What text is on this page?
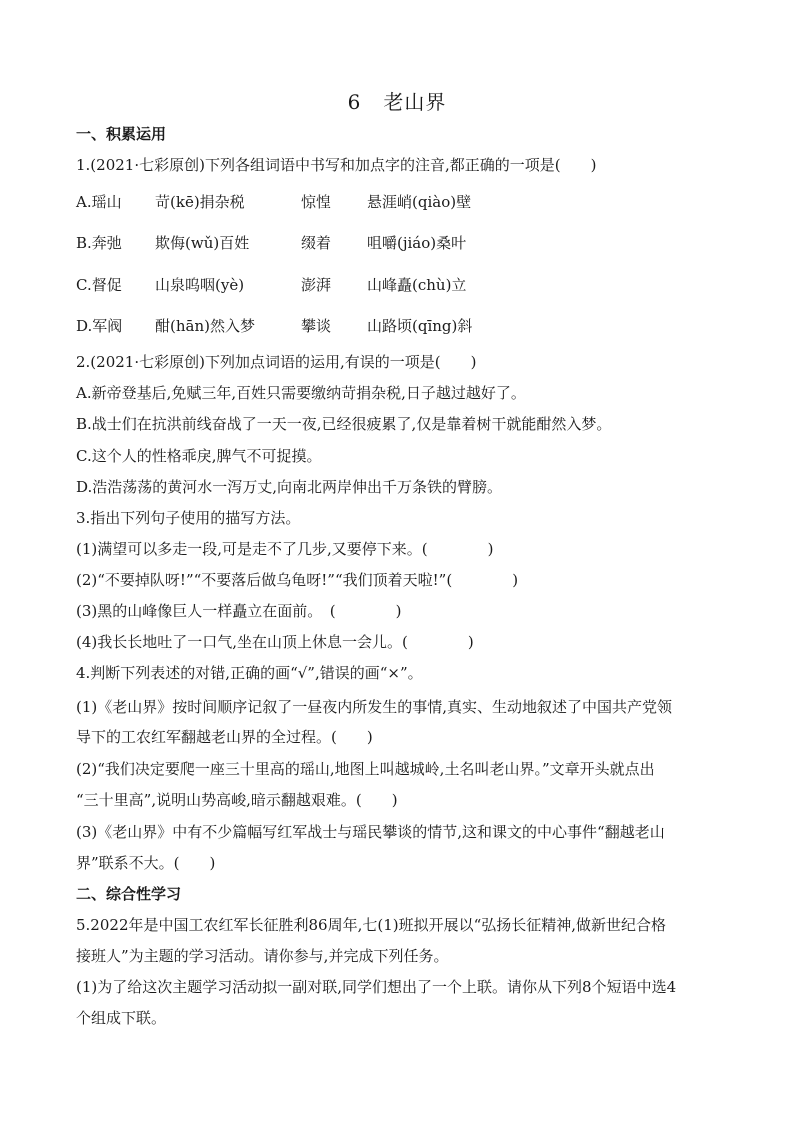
6 老山界
一、积累运用
1.(2021·七彩原创)下列各组词语中书写和加点字的注音,都正确的一项是(　　)
A.瑶山 苛(kē)捐杂税	惊惶 悬涯峭(qiào)壁
B.奔弛 欺侮(wǔ)百姓	缀着 咀嚼(jiáo)桑叶
C.督促 山泉呜咽(yè)	澎湃 山峰矗(chù)立
D.军阀 酣(hān)然入梦	攀谈 山路顷(qīng)斜
2.(2021·七彩原创)下列加点词语的运用,有误的一项是(　　)
A.新帝登基后,免赋三年,百姓只需要缴纳苛捐杂税,日子越过越好了。
B.战士们在抗洪前线奋战了一天一夜,已经很疲累了,仅是靠着树干就能酣然入梦。
C.这个人的性格乖戾,脾气不可捉摸。
D.浩浩荡荡的黄河水一泻万丈,向南北两岸伸出千万条铁的臂膀。
3.指出下列句子使用的描写方法。
(1)满望可以多走一段,可是走不了几步,又要停下来。(　　　　)
(2)“不要掉队呀!”“不要落后做乌龟呀!”“我们顶着天啦!”(　　　　)
(3)黑的山峰像巨人一样矗立在面前。　(　　　　)
(4)我长长地吐了一口气,坐在山顶上休息一会儿。(　　　　)
4.判断下列表述的对错,正确的画“√”,错误的画“×”。
(1)《老山界》按时间顺序记叙了一昼夜内所发生的事情,真实、生动地叙述了中国共产党领
导下的工农红军翻越老山界的全过程。(　　)
(2)“我们决定要爬一座三十里高的瑶山,地图上叫越城岭,土名叫老山界。”文章开头就点出
“三十里高”,说明山势高峻,暗示翻越艰难。(　　)
(3)《老山界》中有不少篇幅写红军战士与瑶民攀谈的情节,这和课文的中心事件“翻越老山
界”联系不大。(　　)
二、综合性学习
5.2022年是中国工农红军长征胜利86周年,七(1)班拟开展以“弘扬长征精神,做新世纪合格
接班人”为主题的学习活动。请你参与,并完成下列任务。
(1)为了给这次主题学习活动拟一副对联,同学们想出了一个上联。请你从下列8个短语中选4
个组成下联。
